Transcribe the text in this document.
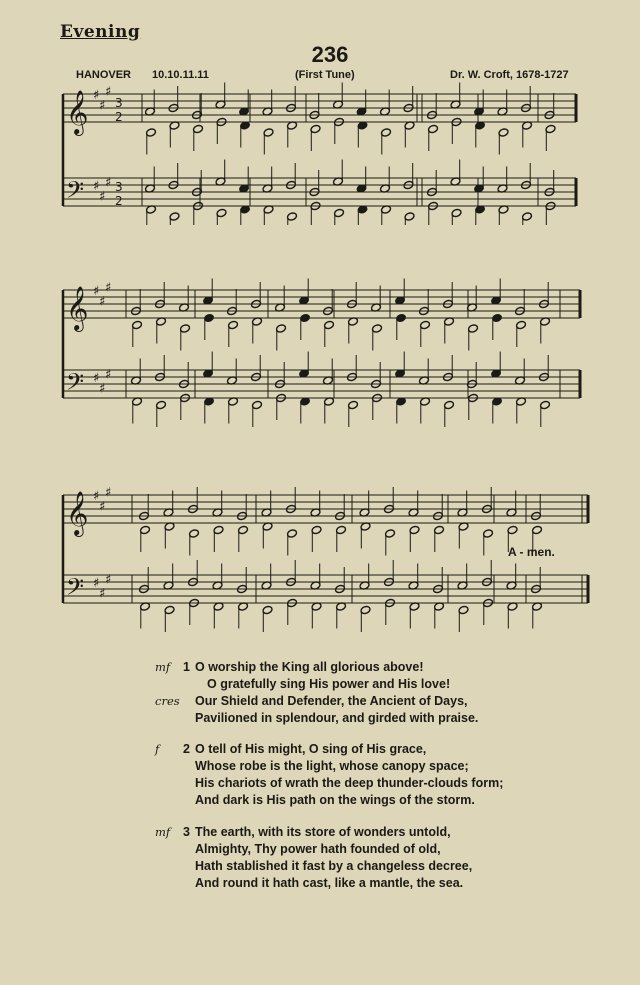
Evening
236
HANOVER 10.10.11.11	(First Tune)	Dr. W. Croft, 1678-1727
𝄞
𝄢
♯
♯
♯
♯
♯
♯
3
2
3
2
𝄞
𝄢
♯
♯
♯
♯
♯
♯
𝄞
𝄢
♯
♯
♯
♯
♯
♯
A - men.
mf 1 O worship the King all glorious above!
O gratefully sing His power and His love!
cres Our Shield and Defender, the Ancient of Days,
Pavilioned in splendour, and girded with praise.
f 2 O tell of His might, O sing of His grace,
Whose robe is the light, whose canopy space;
His chariots of wrath the deep thunder-clouds form;
And dark is His path on the wings of the storm.
mf 3 The earth, with its store of wonders untold,
Almighty, Thy power hath founded of old,
Hath stablished it fast by a changeless decree,
And round it hath cast, like a mantle, the sea.
